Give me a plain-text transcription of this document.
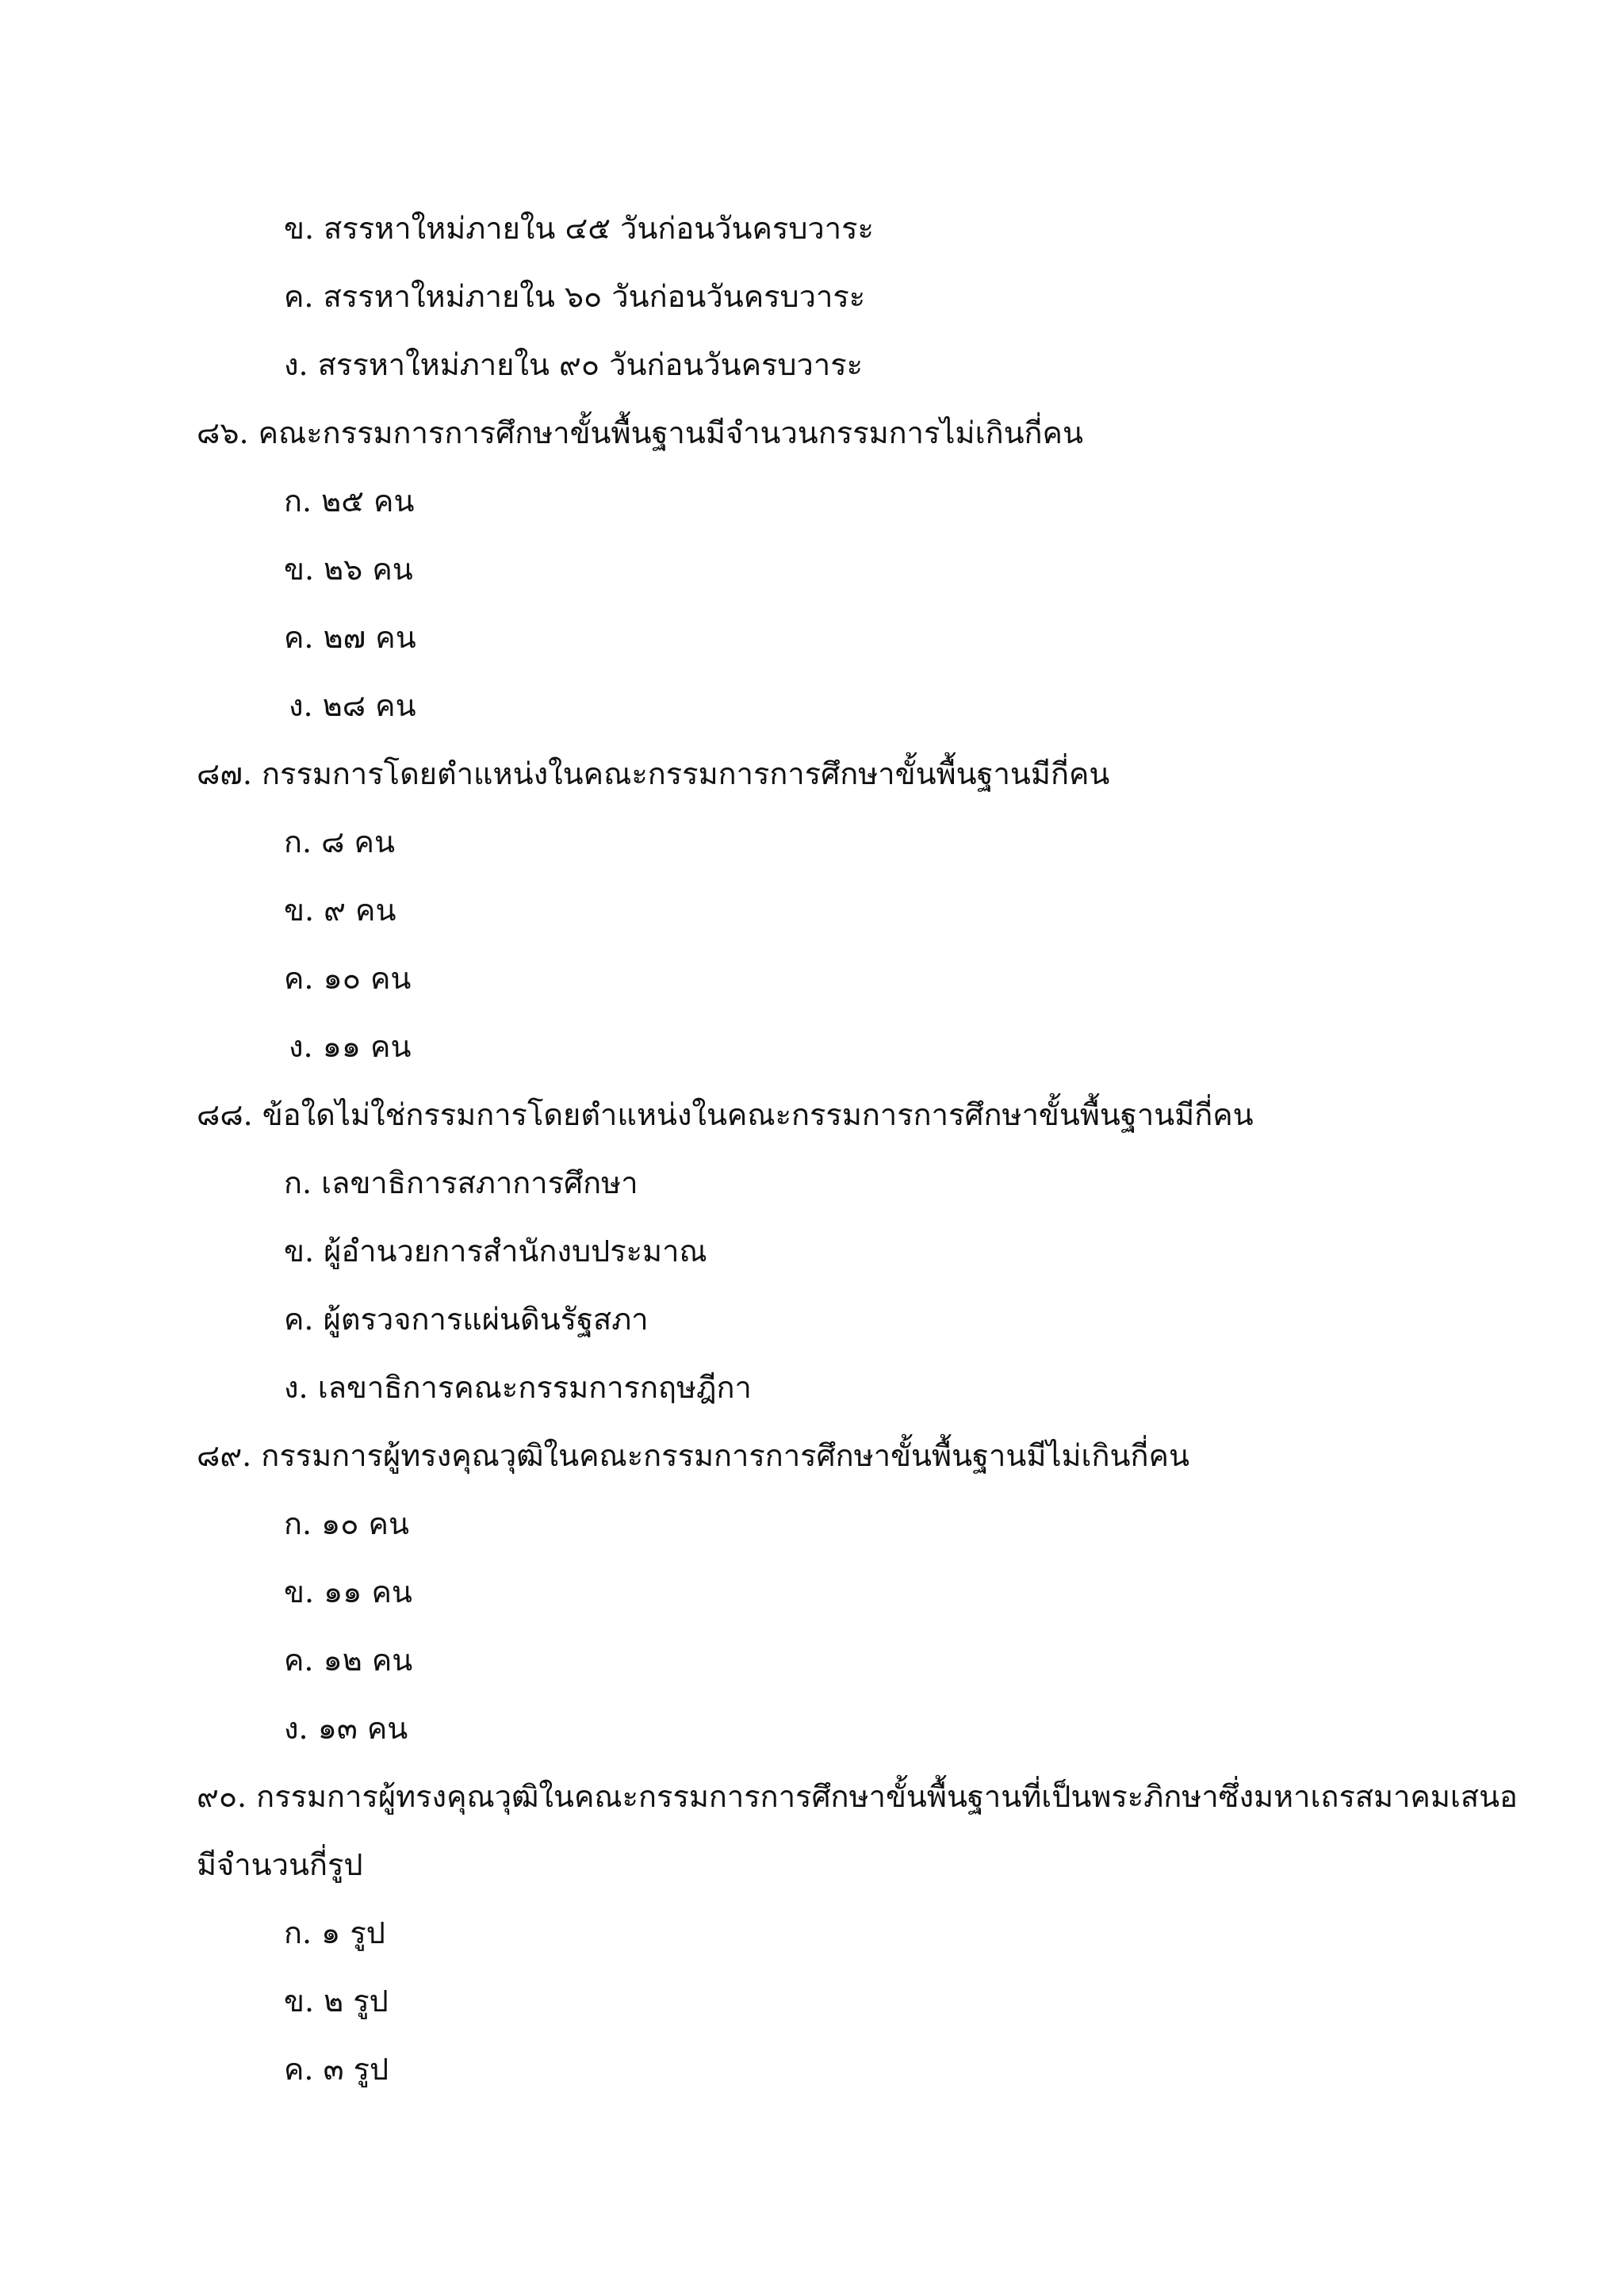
ข. สรรหาใหม่ภายใน ๔๕ วันก่อนวันครบวาระ
ค. สรรหาใหม่ภายใน ๖๐ วันก่อนวันครบวาระ
ง. สรรหาใหม่ภายใน ๙๐ วันก่อนวันครบวาระ
๘๖. คณะกรรมการการศึกษาขั้นพื้นฐานมีจำนวนกรรมการไม่เกินกี่คน
ก. ๒๕ คน
ข. ๒๖ คน
ค. ๒๗ คน
ง. ๒๘ คน
๘๗. กรรมการโดยตำแหน่งในคณะกรรมการการศึกษาขั้นพื้นฐานมีกี่คน
ก. ๘ คน
ข. ๙ คน
ค. ๑๐ คน
ง. ๑๑ คน
๘๘. ข้อใดไม่ใช่กรรมการโดยตำแหน่งในคณะกรรมการการศึกษาขั้นพื้นฐานมีกี่คน
ก. เลขาธิการสภาการศึกษา
ข. ผู้อำนวยการสำนักงบประมาณ
ค. ผู้ตรวจการแผ่นดินรัฐสภา
ง. เลขาธิการคณะกรรมการกฤษฎีกา
๘๙. กรรมการผู้ทรงคุณวุฒิในคณะกรรมการการศึกษาขั้นพื้นฐานมีไม่เกินกี่คน
ก. ๑๐ คน
ข. ๑๑ คน
ค. ๑๒ คน
ง. ๑๓ คน
๙๐. กรรมการผู้ทรงคุณวุฒิในคณะกรรมการการศึกษาขั้นพื้นฐานที่เป็นพระภิกษาซึ่งมหาเถรสมาคมเสนอ
มีจำนวนกี่รูป
ก. ๑ รูป
ข. ๒ รูป
ค. ๓ รูป
